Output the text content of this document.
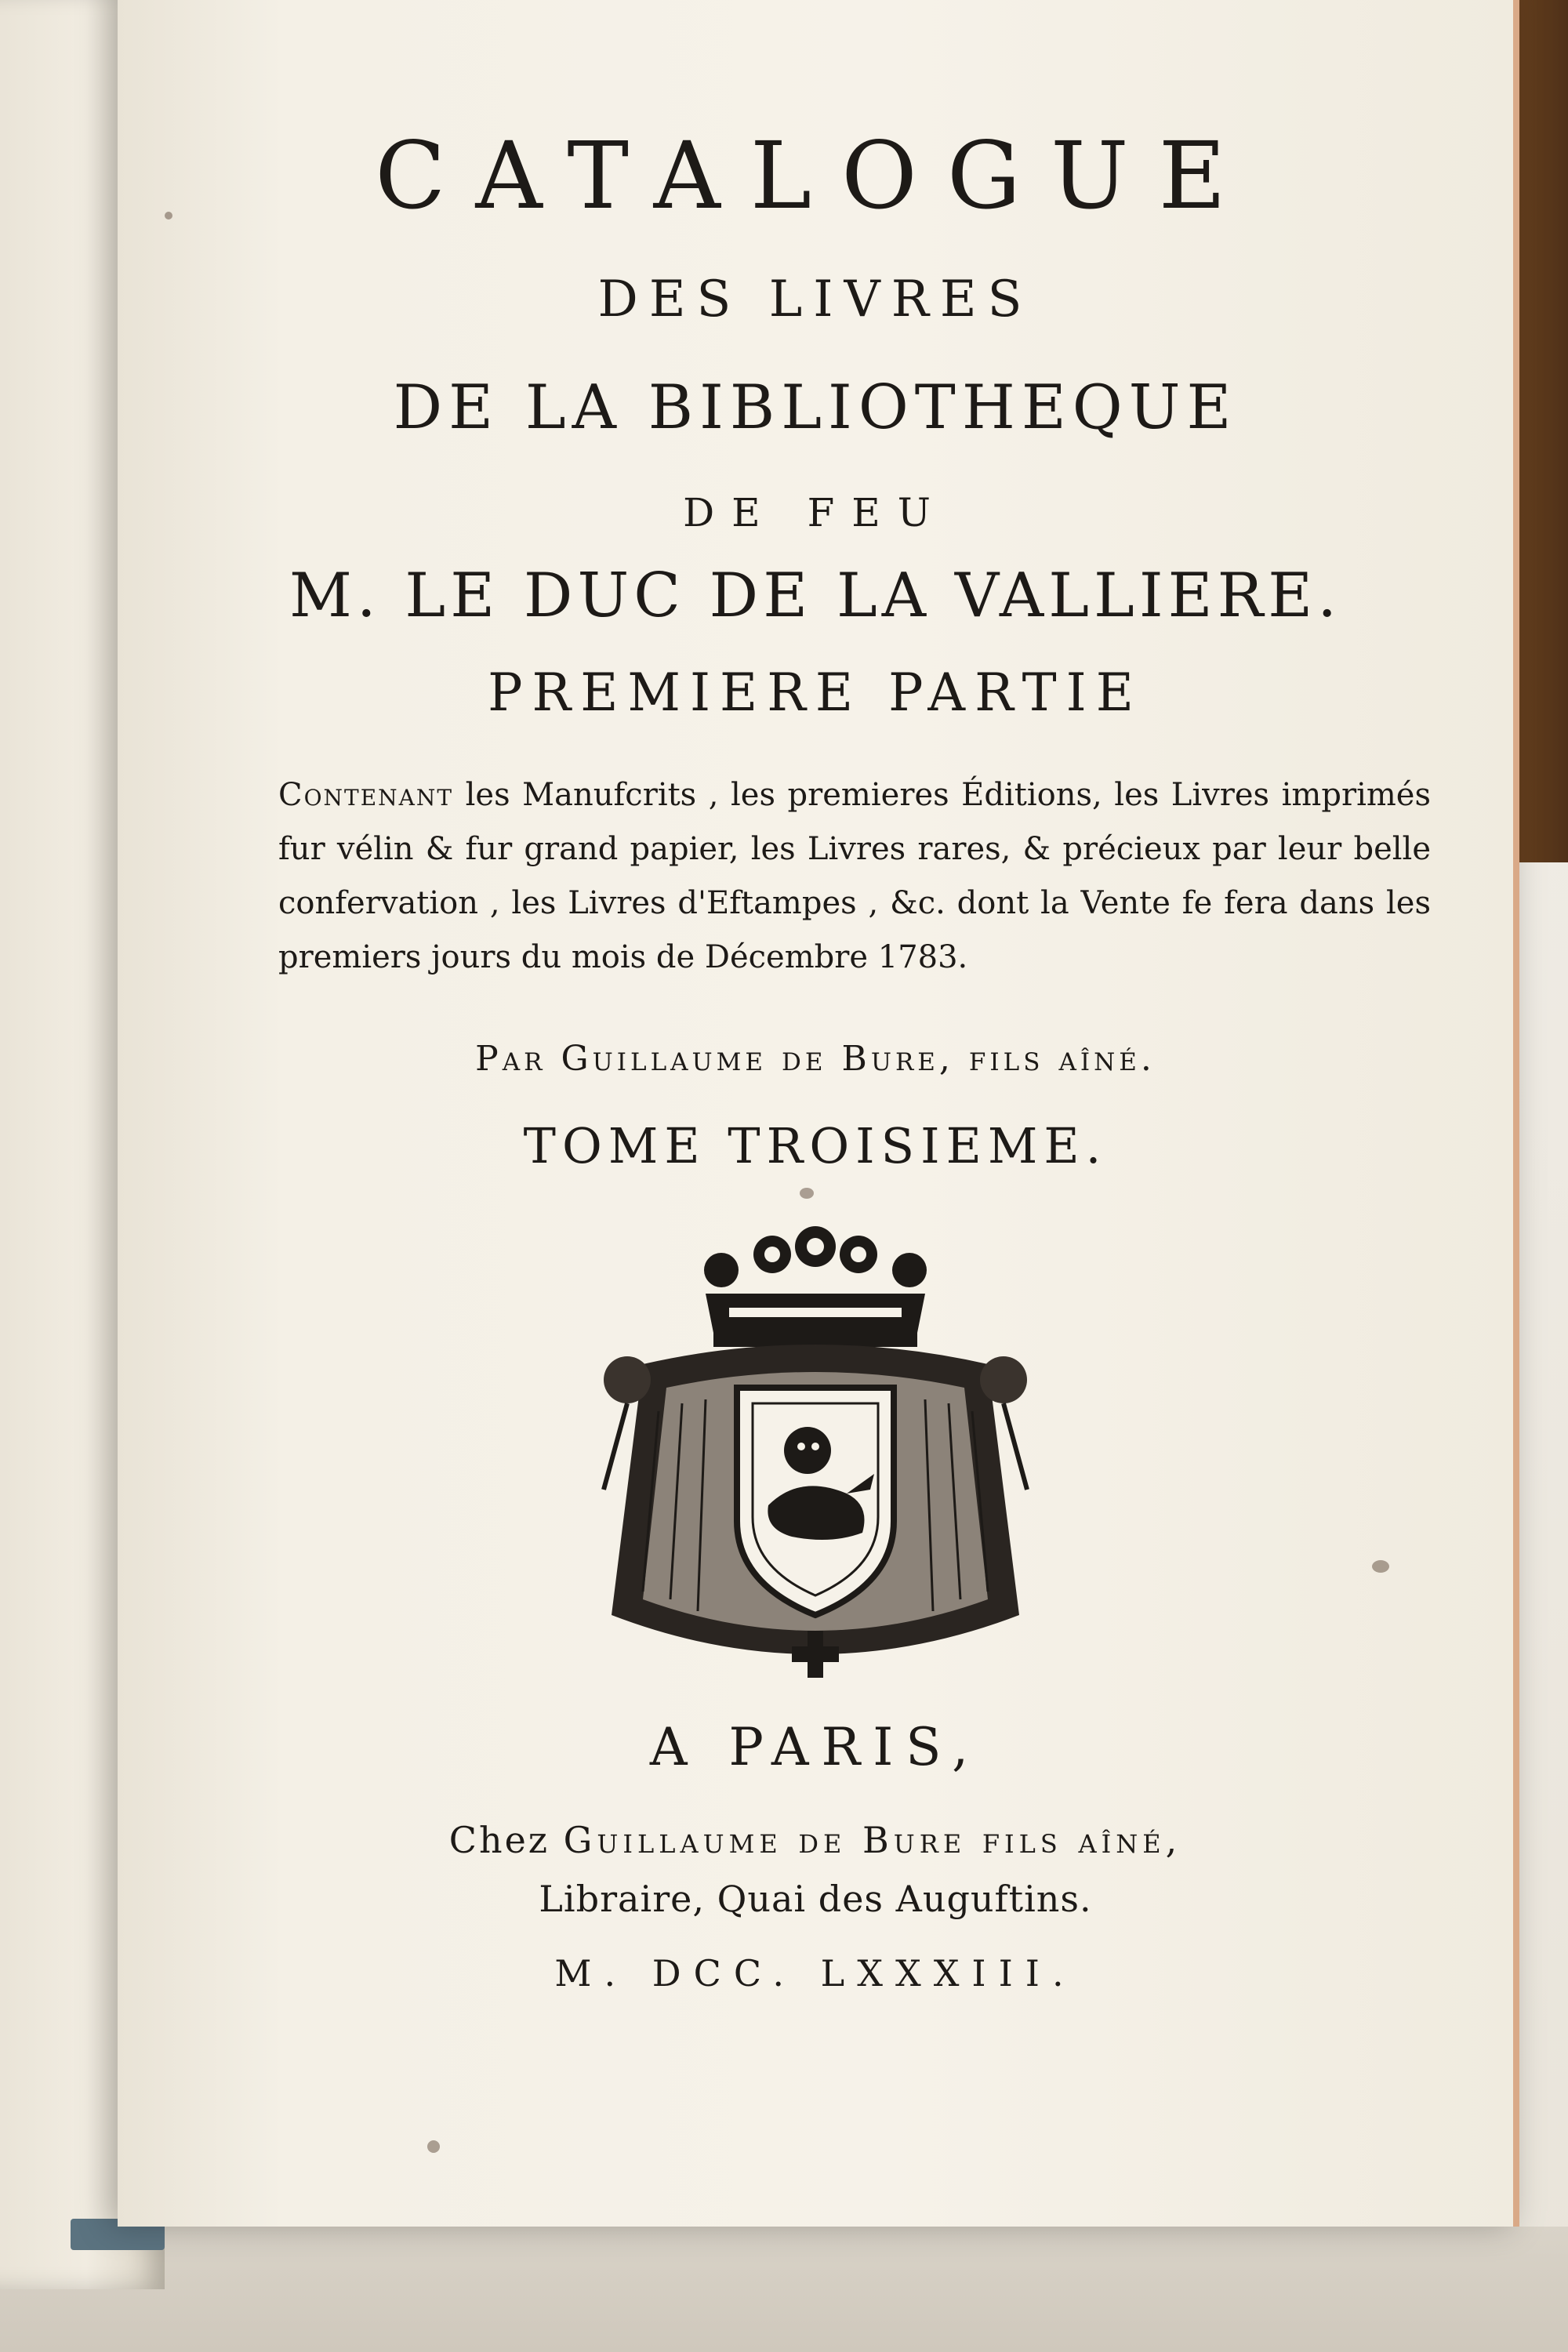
CATALOGUE
DES LIVRES
DE LA BIBLIOTHEQUE
DE FEU
M. LE DUC DE LA VALLIERE.
PREMIERE PARTIE
Contenant les Manufcrits , les premieres Éditions, les Livres imprimés fur vélin & fur grand papier, les Livres rares, & précieux par leur belle confervation , les Livres d'Eftampes , &c. dont la Vente fe fera dans les premiers jours du mois de Décembre 1783.
Par Guillaume de Bure, fils aîné.
TOME TROISIEME.
A PARIS,
Chez Guillaume de Bure fils aîné,
Libraire, Quai des Auguftins.
M. DCC. LXXXIII.
